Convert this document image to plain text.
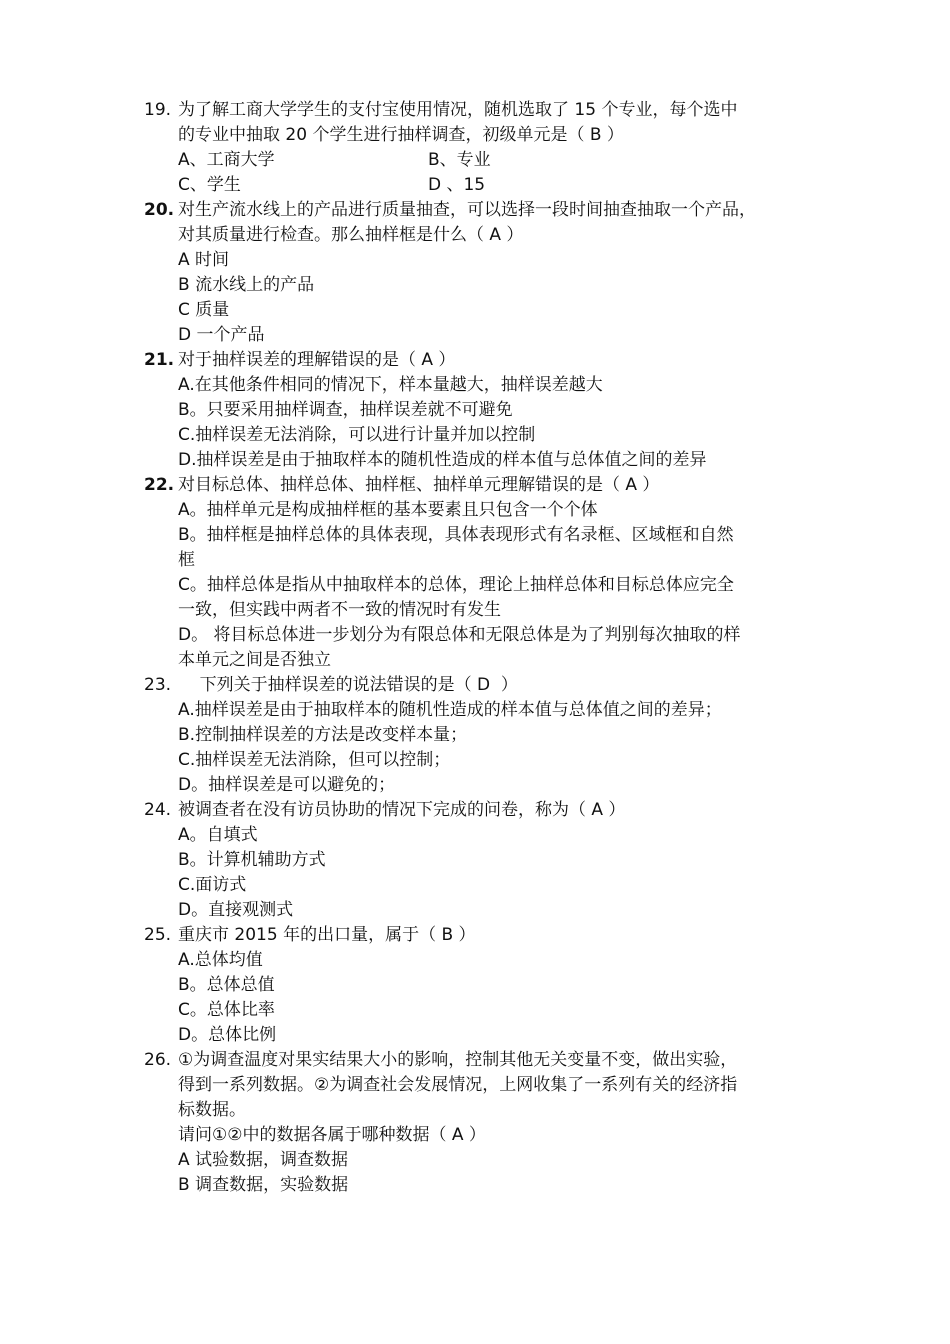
19. 为了解工商大学学生的支付宝使用情况，随机选取了 15 个专业，每个选中
的专业中抽取 20 个学生进行抽样调查，初级单元是（ B ）
A、工商大学	B、专业
C、学生	D 、15
20. 对生产流水线上的产品进行质量抽查，可以选择一段时间抽查抽取一个产品，
对其质量进行检查。那么抽样框是什么（ A ）
A 时间
B 流水线上的产品
C 质量
D 一个产品
21. 对于抽样误差的理解错误的是（ A ）
A.在其他条件相同的情况下，样本量越大，抽样误差越大
B。只要采用抽样调查，抽样误差就不可避免
C.抽样误差无法消除，可以进行计量并加以控制
D.抽样误差是由于抽取样本的随机性造成的样本值与总体值之间的差异
22. 对目标总体、抽样总体、抽样框、抽样单元理解错误的是（ A ）
A。抽样单元是构成抽样框的基本要素且只包含一个个体
B。抽样框是抽样总体的具体表现，具体表现形式有名录框、区域框和自然
框
C。抽样总体是指从中抽取样本的总体，理论上抽样总体和目标总体应完全
一致，但实践中两者不一致的情况时有发生
D。 将目标总体进一步划分为有限总体和无限总体是为了判别每次抽取的样
本单元之间是否独立
23.    下列关于抽样误差的说法错误的是（ D  ）
A.抽样误差是由于抽取样本的随机性造成的样本值与总体值之间的差异；
B.控制抽样误差的方法是改变样本量；
C.抽样误差无法消除，但可以控制；
D。抽样误差是可以避免的；
24. 被调查者在没有访员协助的情况下完成的问卷，称为（ A ）
A。自填式
B。计算机辅助方式
C.面访式
D。直接观测式
25. 重庆市 2015 年的出口量，属于（ B ）
A.总体均值
B。总体总值
C。总体比率
D。总体比例
26. ①为调查温度对果实结果大小的影响，控制其他无关变量不变，做出实验，
得到一系列数据。②为调查社会发展情况，上网收集了一系列有关的经济指
标数据。
请问①②中的数据各属于哪种数据（ A ）
A 试验数据，调查数据
B 调查数据，实验数据
